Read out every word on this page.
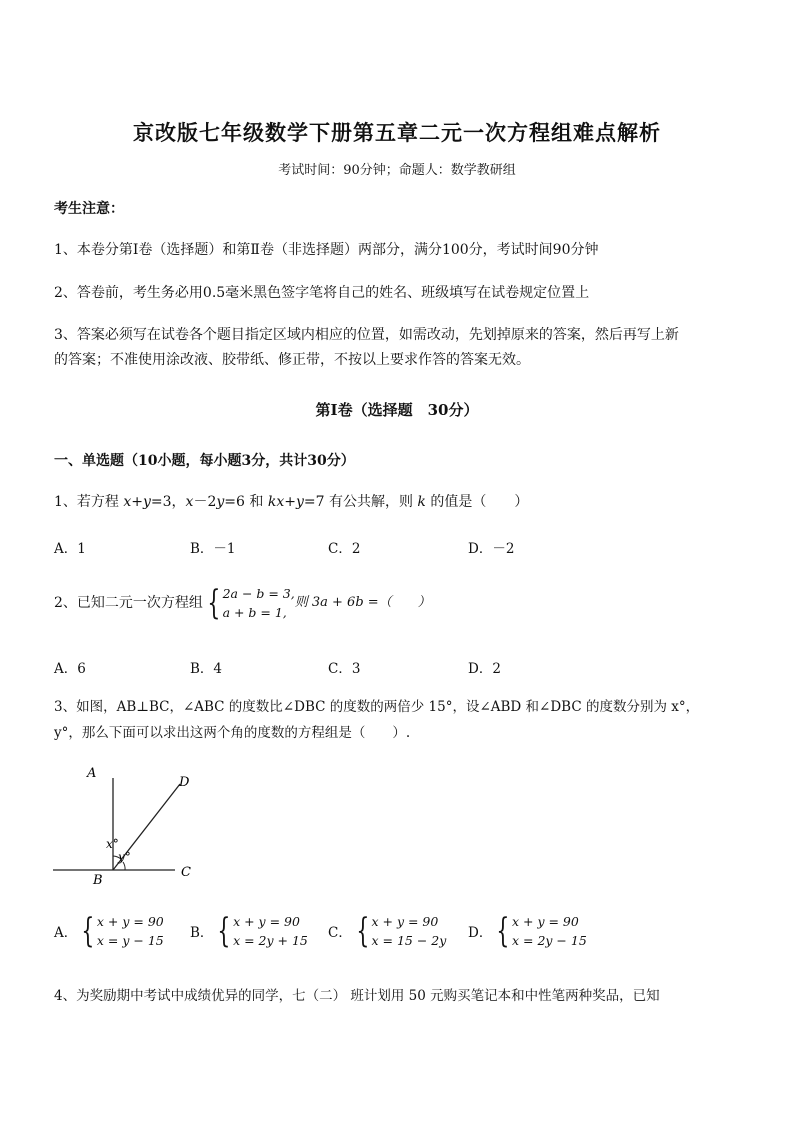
京改版七年级数学下册第五章二元一次方程组难点解析
考试时间：90分钟；命题人：数学教研组
考生注意：
1、本卷分第Ⅰ卷（选择题）和第Ⅱ卷（非选择题）两部分，满分100分，考试时间90分钟
2、答卷前，考生务必用0.5毫米黑色签字笔将自己的姓名、班级填写在试卷规定位置上
3、答案必须写在试卷各个题目指定区域内相应的位置，如需改动，先划掉原来的答案，然后再写上新
的答案；不准使用涂改液、胶带纸、修正带，不按以上要求作答的答案无效。
第Ⅰ卷（选择题　30分）
一、单选题（10小题，每小题3分，共计30分）
1、若方程 x+y=3，x－2y=6 和 kx+y=7 有公共解，则 k 的值是（　　）
A．1	B．－1	C．2	D．－2
2、已知二元一次方程组 { 2a − b = 3,
a + b = 1,
则 3a + 6b =（　　）
A．6	B．4	C．3	D．2
3、如图，AB⊥BC，∠ABC 的度数比∠DBC 的度数的两倍少 15°，设∠ABD 和∠DBC 的度数分别为 x°，
y°，那么下面可以求出这两个角的度数的方程组是（　　）.
A
B
C
D
x°
y°
A． { x + y = 90
x = y − 15 B． { x + y = 90
x = 2y + 15 C． { x + y = 90
x = 15 − 2y D． { x + y = 90
x = 2y − 15
4、为奖励期中考试中成绩优异的同学，七（二） 班计划用 50 元购买笔记本和中性笔两种奖品，已知
